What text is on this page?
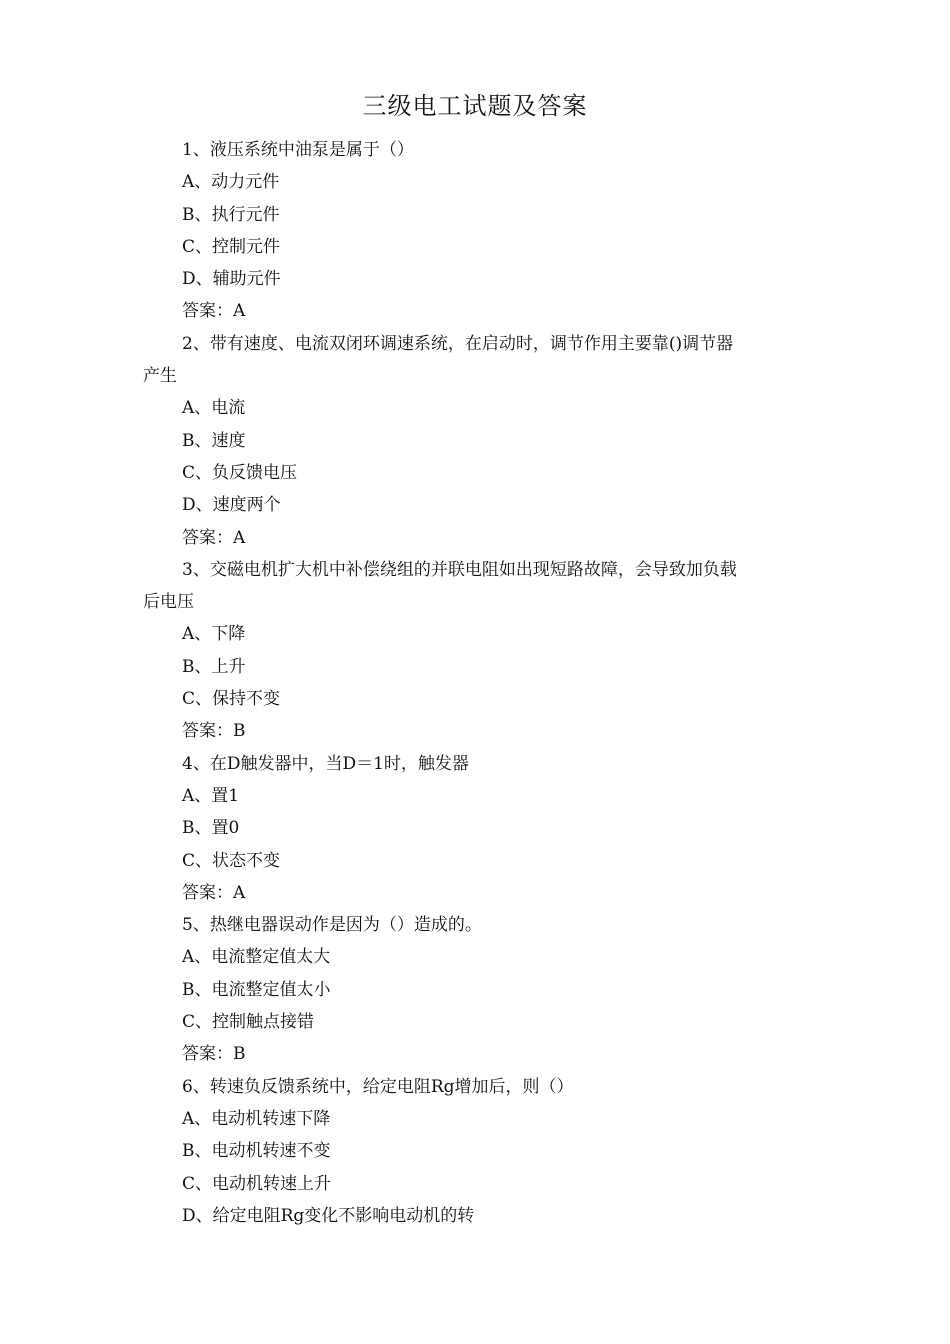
三级电工试题及答案
1、液压系统中油泵是属于（）
A、动力元件
B、执行元件
C、控制元件
D、辅助元件
答案：A
2、带有速度、电流双闭环调速系统，在启动时，调节作用主要靠()调节器
产生
A、电流
B、速度
C、负反馈电压
D、速度两个
答案：A
3、交磁电机扩大机中补偿绕组的并联电阻如出现短路故障，会导致加负载
后电压
A、下降
B、上升
C、保持不变
答案：B
4、在D触发器中，当D＝1时，触发器
A、置1
B、置0
C、状态不变
答案：A
5、热继电器误动作是因为（）造成的。
A、电流整定值太大
B、电流整定值太小
C、控制触点接错
答案：B
6、转速负反馈系统中，给定电阻Rg增加后，则（）
A、电动机转速下降
B、电动机转速不变
C、电动机转速上升
D、给定电阻Rg变化不影响电动机的转
